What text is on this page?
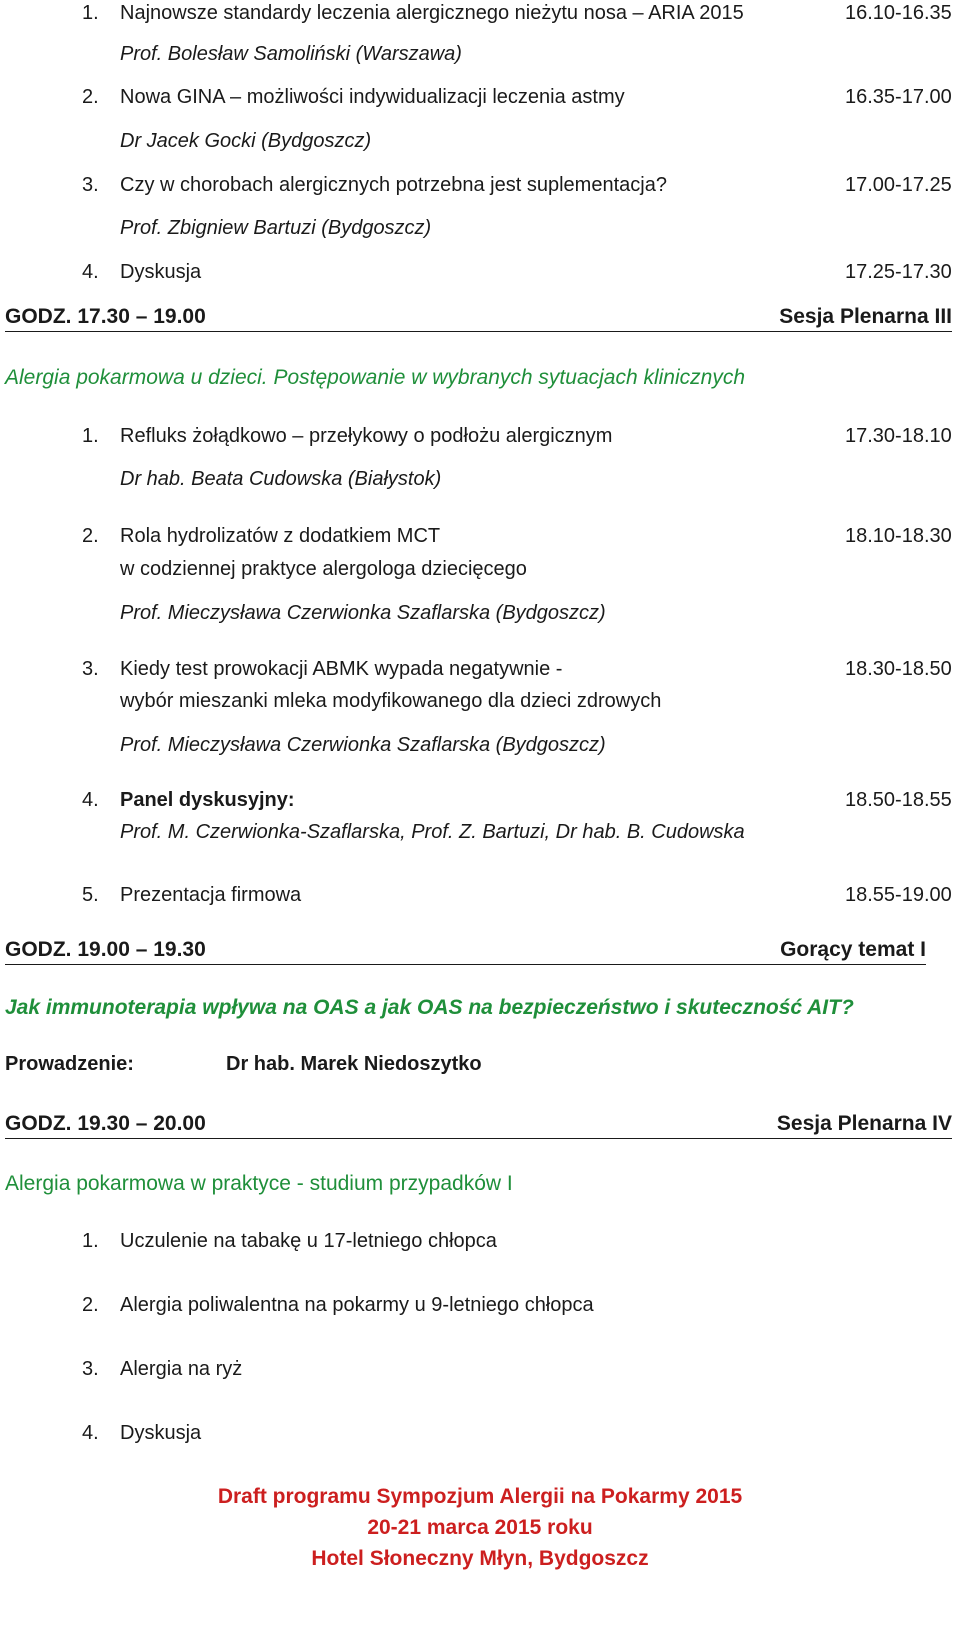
1. Najnowsze standardy leczenia alergicznego nieżytu nosa – ARIA 2015	16.10-16.35
Prof. Bolesław Samoliński (Warszawa)
2. Nowa GINA – możliwości indywidualizacji leczenia astmy	16.35-17.00
Dr Jacek Gocki (Bydgoszcz)
3. Czy w chorobach alergicznych potrzebna jest suplementacja?	17.00-17.25
Prof. Zbigniew Bartuzi (Bydgoszcz)
4. Dyskusja	17.25-17.30
GODZ. 17.30 – 19.00	Sesja Plenarna III
Alergia pokarmowa u dzieci. Postępowanie w wybranych sytuacjach klinicznych
1. Refluks żołądkowo – przełykowy o podłożu alergicznym	17.30-18.10
Dr hab. Beata Cudowska (Białystok)
2. Rola hydrolizatów z dodatkiem MCT	18.10-18.30
w codziennej praktyce alergologa dziecięcego
Prof. Mieczysława Czerwionka Szaflarska (Bydgoszcz)
3. Kiedy test prowokacji ABMK wypada negatywnie -	18.30-18.50
wybór mieszanki mleka modyfikowanego dla dzieci zdrowych
Prof. Mieczysława Czerwionka Szaflarska (Bydgoszcz)
4. Panel dyskusyjny:	18.50-18.55
Prof. M. Czerwionka-Szaflarska, Prof. Z. Bartuzi, Dr hab. B. Cudowska
5. Prezentacja firmowa	18.55-19.00
GODZ. 19.00 – 19.30	Gorący temat I
Jak immunoterapia wpływa na OAS a jak OAS na bezpieczeństwo i skuteczność AIT?
Prowadzenie:	Dr hab. Marek Niedoszytko
GODZ. 19.30 – 20.00	Sesja Plenarna IV
Alergia pokarmowa w praktyce - studium przypadków I
1. Uczulenie na tabakę u 17-letniego chłopca
2. Alergia poliwalentna na pokarmy u 9-letniego chłopca
3. Alergia na ryż
4. Dyskusja
Draft programu Sympozjum Alergii na Pokarmy 2015
20-21 marca 2015 roku
Hotel Słoneczny Młyn, Bydgoszcz
